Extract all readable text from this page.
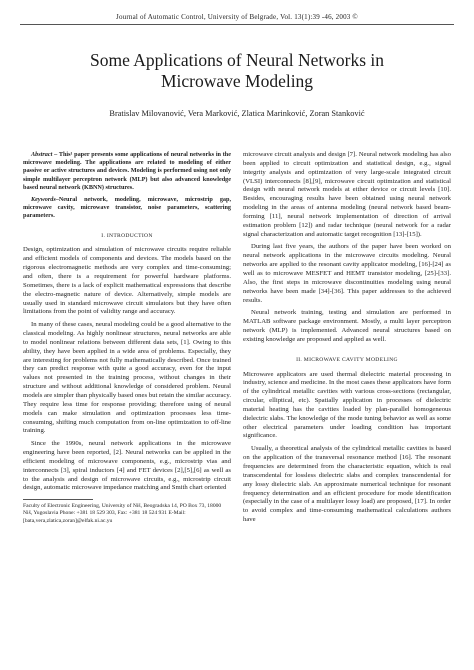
Journal of Automatic Control, University of Belgrade, Vol. 13(1):39 -46, 2003 ©
Some Applications of Neural Networks in
Microwave Modeling
Bratislav Milovanović, Vera Marković, Zlatica Marinković, Zoran Stanković

Abstract – This¹ paper presents some applications of neural networks in the microwave modeling. The applications are related to modeling of either passive or active structures and devices. Modeling is performed using not only simple multilayer perceptron network (MLP) but also advanced knowledge based neural network (KBNN) structures.

Keywords–Neural network, modeling, microwave, microstrip gap, microwave cavity, microwave transistor, noise parameters, scattering parameters.

I. INTRODUCTION

Design, optimization and simulation of microwave circuits require reliable and efficient models of components and devices. The models based on the rigorous electromagnetic methods are very complex and time-consuming; and often, there is a requirement for powerful hardware platforms. Sometimes, there is a lack of explicit mathematical expressions that describe the electro-magnetic nature of device. Alternatively, simple models are usually used in standard microwave circuit simulators but they have often limitations from the point of validity range and accuracy.

In many of these cases, neural modeling could be a good alternative to the classical modeling. As highly nonlinear structures, neural networks are able to model nonlinear relations between different data sets, [1]. Owing to this ability, they have been applied in a wide area of problems. Especially, they are interesting for problems not fully mathematically described. Once trained they can predict response with quite a good accuracy, even for the input values not presented in the training process, without changes in their structure and without additional knowledge of considered problem. Neural models are simpler than physically based ones but retain the similar accuracy. They require less time for response providing; therefore using of neural models can make simulation and optimization processes less time-consuming, shifting much computation from on-line optimization to off-line training.

Since the 1990s, neural network applications in the microwave engineering have been reported, [2]. Neural networks can be applied in the efficient modeling of microwave components, e.g., microstrip vias and interconnects [3], spiral inductors [4] and FET devices [2],[5],[6] as well as to the analysis and design of microwave circuits, e.g., microstrip circuit design, automatic microwave impedance matching and Smith chart oriented

Faculty of Electronic Engineering, University of Niš, Beogradska 14, PO Box 73, 18000 Niš, Yugoslavia Phone: +381 18 529 303, Fax: +381 18 524 931 E-Mail: [bata,vera,zlatica,zoran]@elfak.ni.ac.yu

microwave circuit analysis and design [7]. Neural network modeling has also been applied to circuit optimization and statistical design, e.g., signal integrity analysis and optimization of very large-scale integrated circuit (VLSI) interconnects [8],[9], microwave circuit optimization and statistical design with neural network models at either device or circuit levels [10]. Besides, encouraging results have been obtained using neural network modeling in the areas of antenna modeling (neural network based beam-forming [11], neural network implementation of direction of arrival estimation problem [12]) and radar technique (neural network for a radar signal characterization and automatic target recognition [13]-[15]).

During last five years, the authors of the paper have been worked on neural network applications in the microwave circuits modeling. Neural networks are applied to the resonant cavity applicator modeling, [16]-[24] as well as to microwave MESFET and HEMT transistor modeling, [25]-[33]. Also, the first steps in microwave discontinuities modeling using neural networks have been made [34]-[36]. This paper addresses to the achieved results.

Neural network training, testing and simulation are performed in MATLAB software package environment. Mostly, a multi layer perceptron network (MLP) is implemented. Advanced neural structures based on existing knowledge are proposed and applied as well.

II. MICROWAVE CAVITY MODELING

Microwave applicators are used thermal dielectric material processing in industry, science and medicine. In the most cases these applicators have form of the cylindrical metallic cavities with various cross-sections (rectangular, circular, elliptical, etc). Spatially application in processes of dielectric material heating has the cavities loaded by plan-parallel homogeneous dielectric slabs. The knowledge of the mode tuning behavior as well as some other electrical parameters under loading condition has important significance.

Usually, a theoretical analysis of the cylindrical metallic cavities is based on the application of the transversal resonance method [16]. The resonant frequencies are determined from the characteristic equation, which is real transcendental for lossless dielectric slabs and complex transcendental for any lossy dielectric slab. An approximate numerical technique for resonant frequency determination and an efficient procedure for mode identification (especially in the case of a multilayer lossy load) are proposed, [17]. In order to avoid complex and time-consuming mathematical calculations authors have
